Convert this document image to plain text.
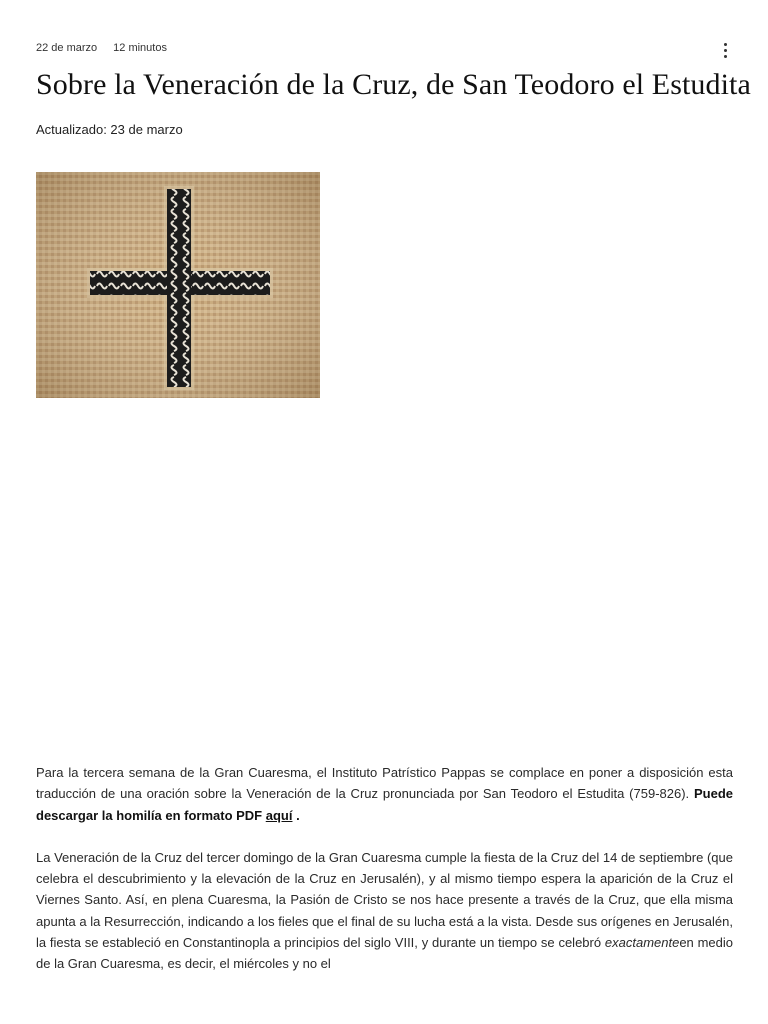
22 de marzo 12 minutos
Sobre la Veneración de la Cruz, de San Teodoro el Estudita
Actualizado: 23 de marzo

Para la tercera semana de la Gran Cuaresma, el Instituto Patrístico Pappas se complace en poner a disposición esta traducción de una oración sobre la Veneración de la Cruz pronunciada por San Teodoro el Estudita (759-826). Puede descargar la homilía en formato PDF aquí .

La Veneración de la Cruz del tercer domingo de la Gran Cuaresma cumple la fiesta de la Cruz del 14 de septiembre (que celebra el descubrimiento y la elevación de la Cruz en Jerusalén), y al mismo tiempo espera la aparición de la Cruz el Viernes Santo. Así, en plena Cuaresma, la Pasión de Cristo se nos hace presente a través de la Cruz, que ella misma apunta a la Resurrección, indicando a los fieles que el final de su lucha está a la vista. Desde sus orígenes en Jerusalén, la fiesta se estableció en Constantinopla a principios del siglo VIII, y durante un tiempo se celebró exactamenteen medio de la Gran Cuaresma, es decir, el miércoles y no el
